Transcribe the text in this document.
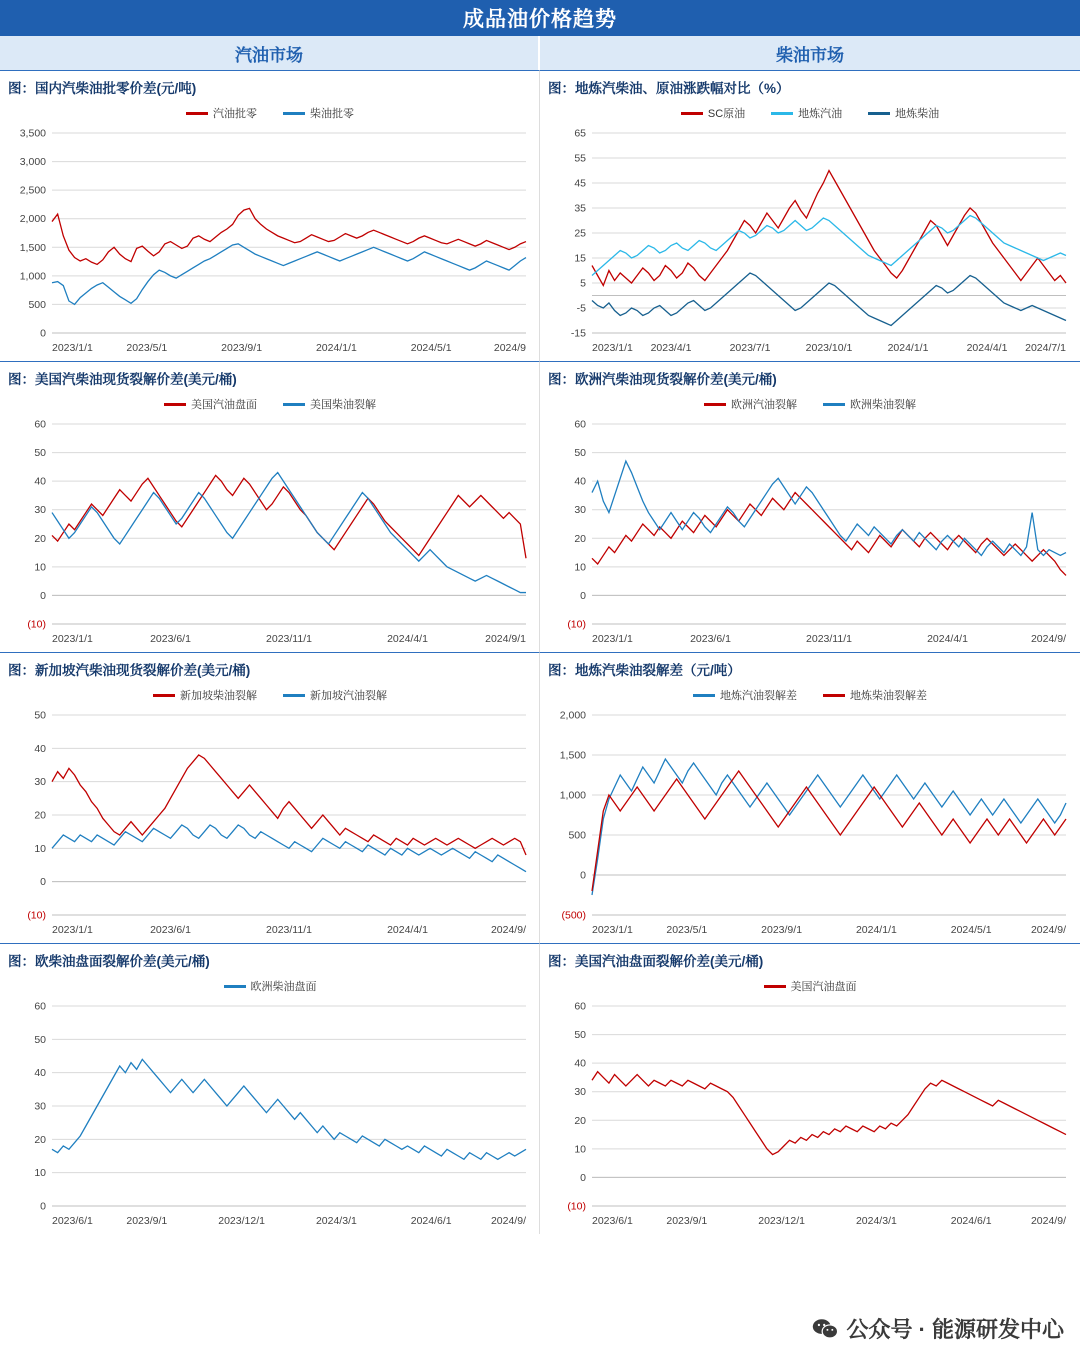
成品油价格趋势
汽油市场	柴油市场
图：国内汽柴油批零价差(元/吨)
汽油批零	柴油批零
0
500
1,000
1,500
2,000
2,500
3,000
3,500
2023/1/1	2023/5/1	2023/9/1	2024/1/1	2024/5/1	2024/9
图：地炼汽柴油、原油涨跌幅对比（%）
SC原油	地炼汽油	地炼柴油
-15
-5
5
15
25
35
45
55
65
2023/1/1 2023/4/1	2023/7/1	2023/10/1	2024/1/1	2024/4/1 2024/7/1
图：美国汽柴油现货裂解价差(美元/桶)
美国汽油盘面	美国柴油裂解
(10)
0
10
20
30
40
50
60
2023/1/1	2023/6/1	2023/11/1	2024/4/1	2024/9/1
图：欧洲汽柴油现货裂解价差(美元/桶)
欧洲汽油裂解	欧洲柴油裂解
(10)
0
10
20
30
40
50
60
2023/1/1	2023/6/1	2023/11/1	2024/4/1	2024/9/
图：新加坡汽柴油现货裂解价差(美元/桶)
新加坡柴油裂解	新加坡汽油裂解
(10)
0
10
20
30
40
50
2023/1/1	2023/6/1	2023/11/1	2024/4/1	2024/9/
图：地炼汽柴油裂解差（元/吨）
地炼汽油裂解差	地炼柴油裂解差
(500)
0
500
1,000
1,500
2,000
2023/1/1	2023/5/1	2023/9/1	2024/1/1	2024/5/1	2024/9/
图：欧柴油盘面裂解价差(美元/桶)
欧洲柴油盘面
0
10
20
30
40
50
60
2023/6/1	2023/9/1	2023/12/1	2024/3/1	2024/6/1	2024/9/
图：美国汽油盘面裂解价差(美元/桶)
美国汽油盘面
(10)
0
10
20
30
40
50
60
2023/6/1	2023/9/1	2023/12/1	2024/3/1	2024/6/1	2024/9/
公众号 · 能源研发中心
